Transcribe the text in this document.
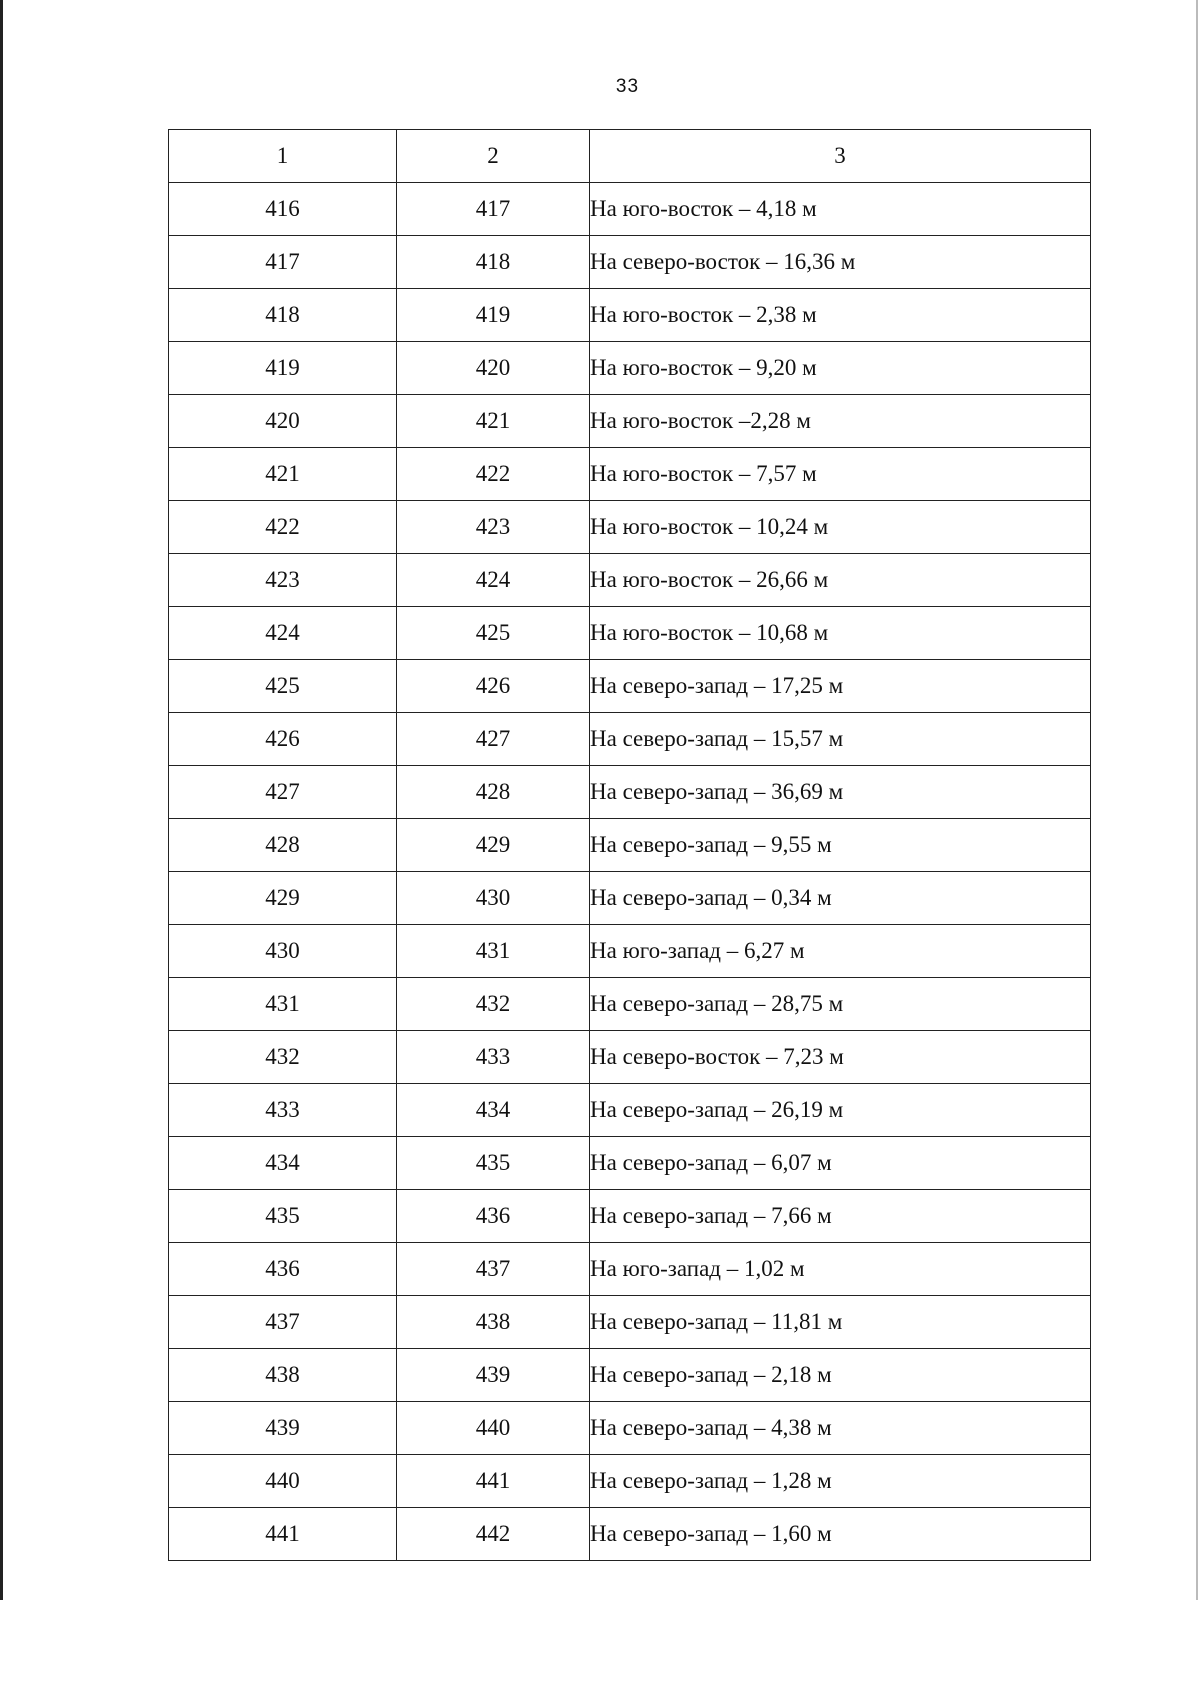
33
1	2	3
416	417	На юго-восток – 4,18 м
417	418	На северо-восток – 16,36 м
418	419	На юго-восток – 2,38 м
419	420	На юго-восток – 9,20 м
420	421	На юго-восток –2,28 м
421	422	На юго-восток – 7,57 м
422	423	На юго-восток – 10,24 м
423	424	На юго-восток – 26,66 м
424	425	На юго-восток – 10,68 м
425	426	На северо-запад – 17,25 м
426	427	На северо-запад – 15,57 м
427	428	На северо-запад – 36,69 м
428	429	На северо-запад – 9,55 м
429	430	На северо-запад – 0,34 м
430	431	На юго-запад – 6,27 м
431	432	На северо-запад – 28,75 м
432	433	На северо-восток – 7,23 м
433	434	На северо-запад – 26,19 м
434	435	На северо-запад – 6,07 м
435	436	На северо-запад – 7,66 м
436	437	На юго-запад – 1,02 м
437	438	На северо-запад – 11,81 м
438	439	На северо-запад – 2,18 м
439	440	На северо-запад – 4,38 м
440	441	На северо-запад – 1,28 м
441	442	На северо-запад – 1,60 м
